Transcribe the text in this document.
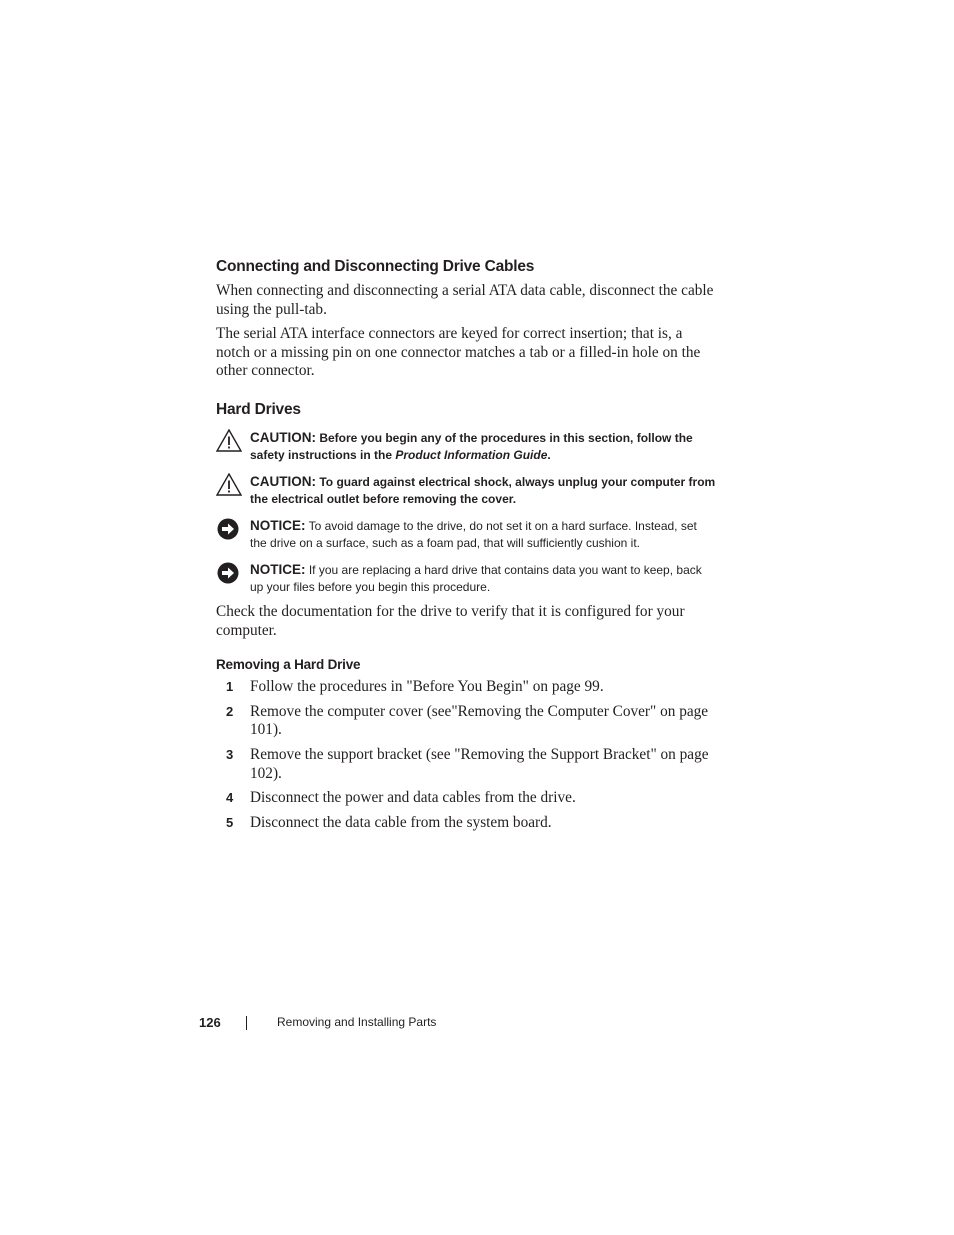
Connecting and Disconnecting Drive Cables

When connecting and disconnecting a serial ATA data cable, disconnect the cable using the pull-tab.

The serial ATA interface connectors are keyed for correct insertion; that is, a notch or a missing pin on one connector matches a tab or a filled-in hole on the other connector.

Hard Drives
CAUTION: Before you begin any of the procedures in this section, follow the safety instructions in the Product Information Guide.
CAUTION: To guard against electrical shock, always unplug your computer from the electrical outlet before removing the cover.
NOTICE: To avoid damage to the drive, do not set it on a hard surface. Instead, set the drive on a surface, such as a foam pad, that will sufficiently cushion it.
NOTICE: If you are replacing a hard drive that contains data you want to keep, back up your files before you begin this procedure.

Check the documentation for the drive to verify that it is configured for your computer.

Removing a Hard Drive
1 Follow the procedures in "Before You Begin" on page 99.
2 Remove the computer cover (see"Removing the Computer Cover" on page 101).
3 Remove the support bracket (see "Removing the Support Bracket" on page 102).
4 Disconnect the power and data cables from the drive.
5 Disconnect the data cable from the system board.
126	Removing and Installing Parts
